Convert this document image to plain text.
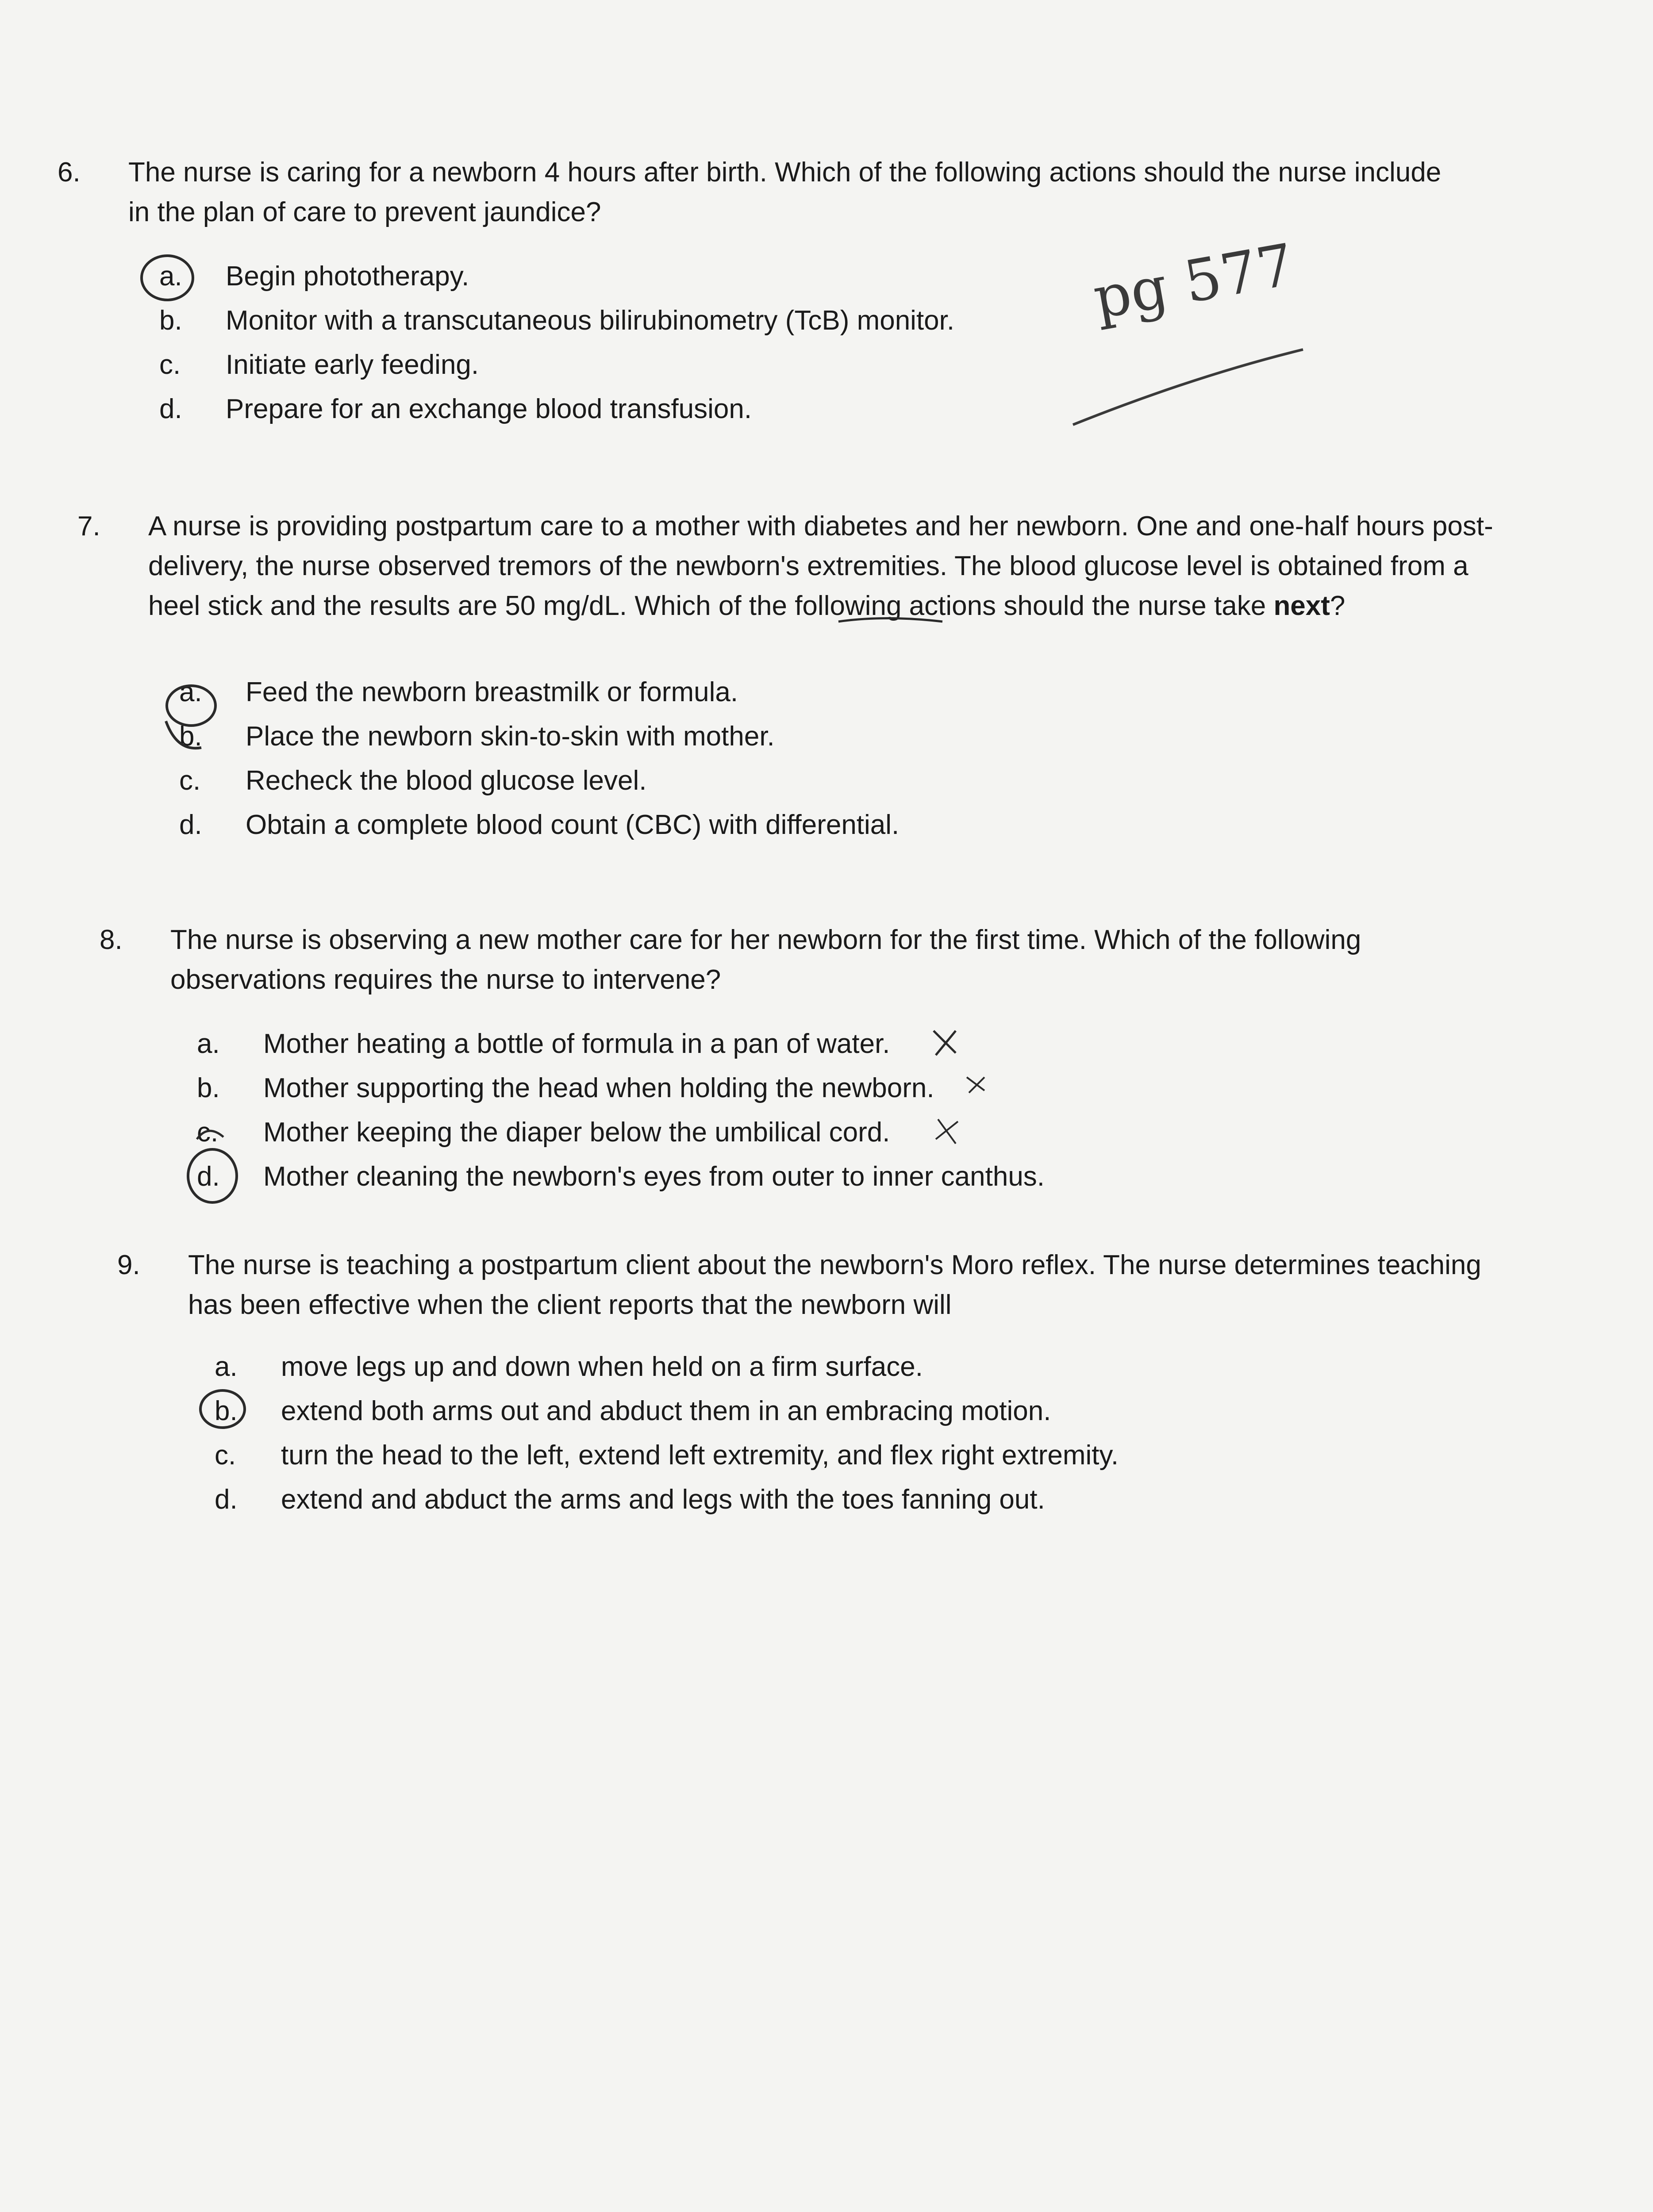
6. The nurse is caring for a newborn 4 hours after birth. Which of the following actions should the nurse include in the plan of care to prevent jaundice?
a.	Begin phototherapy.
b.	Monitor with a transcutaneous bilirubinometry (TcB) monitor.
c.	Initiate early feeding.
d.	Prepare for an exchange blood transfusion.
7. A nurse is providing postpartum care to a mother with diabetes and her newborn. One and one-half hours post-delivery, the nurse observed tremors of the newborn's extremities. The blood glucose level is obtained from a heel stick and the results are 50 mg/dL. Which of the following actions should the nurse take next?
a.	Feed the newborn breastmilk or formula.
b.	Place the newborn skin-to-skin with mother.
c.	Recheck the blood glucose level.
d.	Obtain a complete blood count (CBC) with differential.
8. The nurse is observing a new mother care for her newborn for the first time. Which of the following observations requires the nurse to intervene?
a.	Mother heating a bottle of formula in a pan of water.
b.	Mother supporting the head when holding the newborn.
c.	Mother keeping the diaper below the umbilical cord.
d.	Mother cleaning the newborn's eyes from outer to inner canthus.
9. The nurse is teaching a postpartum client about the newborn's Moro reflex. The nurse determines teaching has been effective when the client reports that the newborn will
a.	move legs up and down when held on a firm surface.
b.	extend both arms out and abduct them in an embracing motion.
c.	turn the head to the left, extend left extremity, and flex right extremity.
d.	extend and abduct the arms and legs with the toes fanning out.
pg 577
